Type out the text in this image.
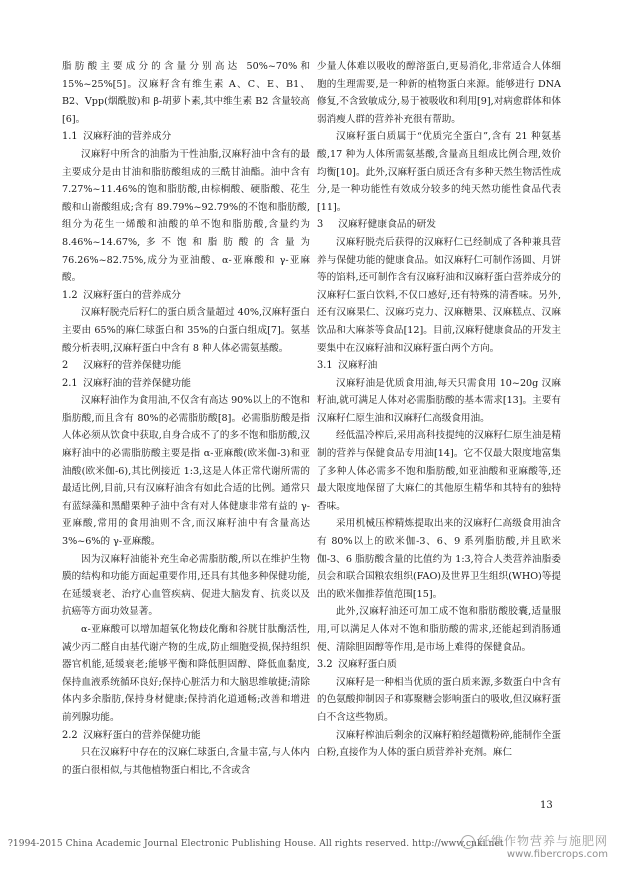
脂肪酸主要成分的含量分别高达 50%~70%和 15%~25%[5]。汉麻籽含有维生素 A、C、E、B1、B2、Vpp(烟酰胺)和 β-胡萝卜素,其中维生素 B2 含量较高[6]。

1.1 汉麻籽油的营养成分

汉麻籽中所含的油脂为干性油脂,汉麻籽油中含有的最主要成分是由甘油和脂肪酸组成的三酰甘油酯。油中含有 7.27%~11.46%的饱和脂肪酸,由棕榈酸、硬脂酸、花生酸和山嵛酸组成;含有 89.79%~92.79%的不饱和脂肪酸,组分为花生一烯酸和油酸的单不饱和脂肪酸,含量约为 8.46%~14.67%,多不饱和脂肪酸的含量为 76.26%~82.75%,成分为亚油酸、α-亚麻酸和 γ-亚麻酸。

1.2 汉麻籽蛋白的营养成分

汉麻籽脱壳后籽仁的蛋白质含量超过 40%,汉麻籽蛋白主要由 65%的麻仁球蛋白和 35%的白蛋白组成[7]。氨基酸分析表明,汉麻籽蛋白中含有 8 种人体必需氨基酸。

2 汉麻籽的营养保健功能
2.1 汉麻籽油的营养保健功能

汉麻籽油作为食用油,不仅含有高达 90%以上的不饱和脂肪酸,而且含有 80%的必需脂肪酸[8]。必需脂肪酸是指人体必须从饮食中获取,自身合成不了的多不饱和脂肪酸,汉麻籽油中的必需脂肪酸主要是指 α-亚麻酸(欧米伽-3)和亚油酸(欧米伽-6),其比例接近 1:3,这是人体正常代谢所需的最适比例,目前,只有汉麻籽油含有如此合适的比例。通常只有蓝绿藻和黑醋栗种子油中含有对人体健康非常有益的 γ-亚麻酸,常用的食用油则不含,而汉麻籽油中有含量高达 3%~6%的 γ-亚麻酸。

因为汉麻籽油能补充生命必需脂肪酸,所以在维护生物膜的结构和功能方面起重要作用,还具有其他多种保健功能,在延缓衰老、治疗心血管疾病、促进大脑发育、抗炎以及抗癌等方面功效显著。

α-亚麻酸可以增加超氧化物歧化酶和谷胱甘肽酶活性,减少丙二醛自由基代谢产物的生成,防止细胞受损,保持组织器官机能,延缓衰老;能够平衡和降低胆固醇、降低血黏度,保持血液系统循环良好;保持心脏活力和大脑思维敏捷;清除体内多余脂肪,保持身材健康;保持消化道通畅;改善和增进前列腺功能。

2.2 汉麻籽蛋白的营养保健功能

只在汉麻籽中存在的汉麻仁球蛋白,含量丰富,与人体内的蛋白很相似,与其他植物蛋白相比,不含或含

少量人体难以吸收的醇溶蛋白,更易消化,非常适合人体细胞的生理需要,是一种新的植物蛋白来源。能够进行 DNA 修复,不含致敏成分,易于被吸收和利用[9],对病愈群体和体弱消瘦人群的营养补充很有帮助。

汉麻籽蛋白质属于“优质完全蛋白”,含有 21 种氨基酸,17 种为人体所需氨基酸,含量高且组成比例合理,效价均衡[10]。此外,汉麻籽蛋白质还含有多种天然生物活性成分,是一种功能性有效成分较多的纯天然功能性食品代表[11]。

3 汉麻籽健康食品的研发

汉麻籽脱壳后获得的汉麻籽仁已经制成了各种兼具营养与保健功能的健康食品。如汉麻籽仁可制作汤圆、月饼等的馅料,还可制作含有汉麻籽油和汉麻籽蛋白营养成分的汉麻籽仁蛋白饮料,不仅口感好,还有特殊的清香味。另外,还有汉麻果仁、汉麻巧克力、汉麻糖果、汉麻糕点、汉麻饮品和大麻茶等食品[12]。目前,汉麻籽健康食品的开发主要集中在汉麻籽油和汉麻籽蛋白两个方向。

3.1 汉麻籽油

汉麻籽油是优质食用油,每天只需食用 10~20g 汉麻籽油,就可满足人体对必需脂肪酸的基本需求[13]。主要有汉麻籽仁原生油和汉麻籽仁高级食用油。

经低温冷榨后,采用高科技提纯的汉麻籽仁原生油是精制的营养与保健食品专用油[14]。它不仅最大限度地富集了多种人体必需多不饱和脂肪酸,如亚油酸和亚麻酸等,还最大限度地保留了大麻仁的其他原生精华和其特有的独特香味。

采用机械压榨精炼提取出来的汉麻籽仁高级食用油含有 80%以上的欧米伽-3、6、9 系列脂肪酸,并且欧米伽-3、6 脂肪酸含量的比值约为 1:3,符合人类营养油脂委员会和联合国粮农组织(FAO)及世界卫生组织(WHO)等提出的欧米伽推荐值范围[15]。

此外,汉麻籽油还可加工成不饱和脂肪酸胶囊,适量服用,可以满足人体对不饱和脂肪酸的需求,还能起到消肠通便、清除胆固醇等作用,是市场上难得的保健食品。

3.2 汉麻籽蛋白质

汉麻籽是一种相当优质的蛋白质来源,多数蛋白中含有的色氨酸抑制因子和寡聚糖会影响蛋白的吸收,但汉麻籽蛋白不含这些物质。

汉麻籽榨油后剩余的汉麻籽粕经超微粉碎,能制作全蛋白粉,直接作为人体的蛋白质营养补充剂。麻仁

13
?1994-2015 China Academic Journal Electronic Publishing House. All rights reserved. http://www.cnki.net
纤维作物营养与施肥网
www.fibercrops.com
